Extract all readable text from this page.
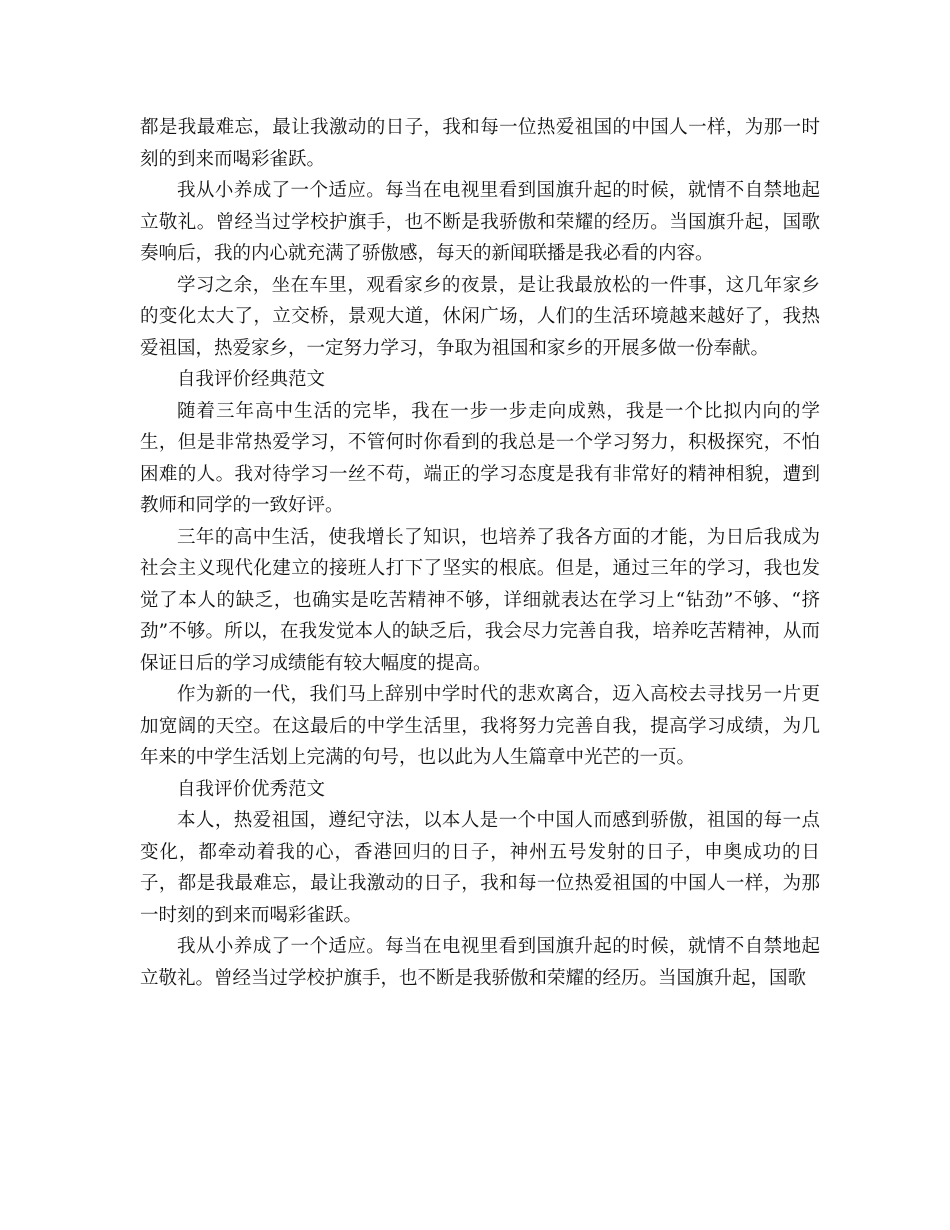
都是我最难忘，最让我激动的日子，我和每一位热爱祖国的中国人一样，为那一时刻的到来而喝彩雀跃。

我从小养成了一个适应。每当在电视里看到国旗升起的时候，就情不自禁地起立敬礼。曾经当过学校护旗手，也不断是我骄傲和荣耀的经历。当国旗升起，国歌奏响后，我的内心就充满了骄傲感，每天的新闻联播是我必看的内容。

学习之余，坐在车里，观看家乡的夜景，是让我最放松的一件事，这几年家乡的变化太大了，立交桥，景观大道，休闲广场，人们的生活环境越来越好了，我热爱祖国，热爱家乡，一定努力学习，争取为祖国和家乡的开展多做一份奉献。

自我评价经典范文

随着三年高中生活的完毕，我在一步一步走向成熟，我是一个比拟内向的学生，但是非常热爱学习，不管何时你看到的我总是一个学习努力，积极探究，不怕困难的人。我对待学习一丝不苟，端正的学习态度是我有非常好的精神相貌，遭到教师和同学的一致好评。

三年的高中生活，使我增长了知识，也培养了我各方面的才能，为日后我成为社会主义现代化建立的接班人打下了坚实的根底。但是，通过三年的学习，我也发觉了本人的缺乏，也确实是吃苦精神不够，详细就表达在学习上“钻劲”不够、“挤劲”不够。所以，在我发觉本人的缺乏后，我会尽力完善自我，培养吃苦精神，从而保证日后的学习成绩能有较大幅度的提高。

作为新的一代，我们马上辞别中学时代的悲欢离合，迈入高校去寻找另一片更加宽阔的天空。在这最后的中学生活里，我将努力完善自我，提高学习成绩，为几年来的中学生活划上完满的句号，也以此为人生篇章中光芒的一页。

自我评价优秀范文

本人，热爱祖国，遵纪守法，以本人是一个中国人而感到骄傲，祖国的每一点变化，都牵动着我的心，香港回归的日子，神州五号发射的日子，申奥成功的日子，都是我最难忘，最让我激动的日子，我和每一位热爱祖国的中国人一样，为那一时刻的到来而喝彩雀跃。

我从小养成了一个适应。每当在电视里看到国旗升起的时候，就情不自禁地起立敬礼。曾经当过学校护旗手，也不断是我骄傲和荣耀的经历。当国旗升起，国歌
